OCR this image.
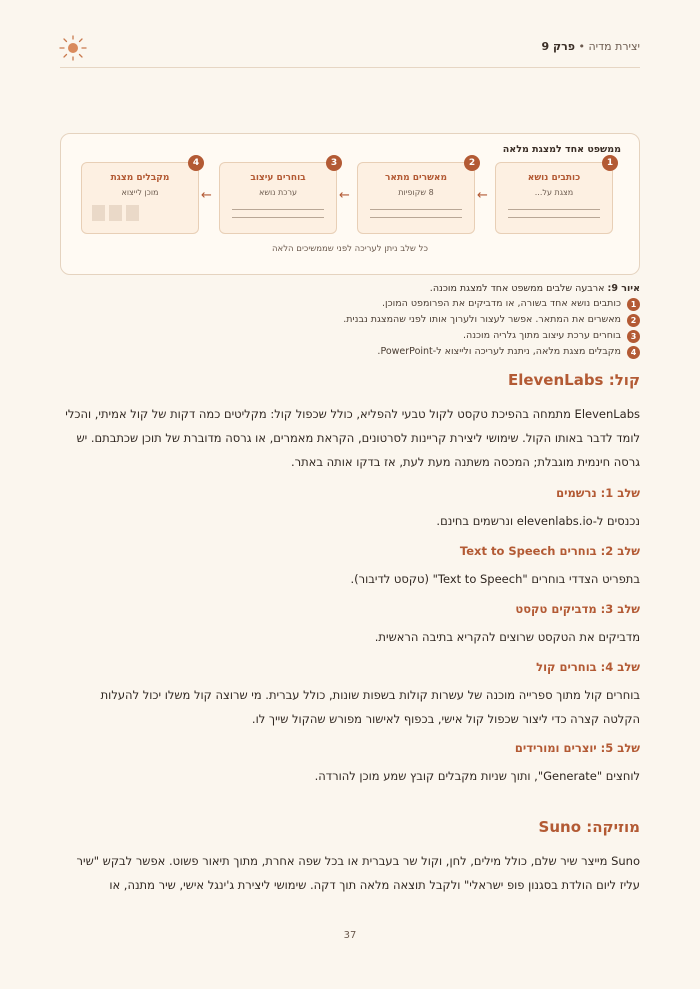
יצירת מדיה • פרק 9
ממשפט אחד למצגת מלאה
1
כותבים נושא
מצגת על...
←
2
מאשרים מתאר
8 שקופיות
←
3
בוחרים עיצוב
ערכת נושא
←
4
מקבלים מצגת
מוכן לייצוא
כל שלב ניתן לעריכה לפני שממשיכים הלאה
איור 9: ארבעה שלבים ממשפט אחד למצגת מוכנה.
1כותבים נושא אחד בשורה, או מדביקים את הפרומפט המוכן.
2מאשרים את המתאר. אפשר לעצור ולערוך אותו לפני שהמצגת נבנית.
3בוחרים ערכת עיצוב מתוך גלריה מוכנה.
4מקבלים מצגת מלאה, ניתנת לעריכה ולייצוא ל-PowerPoint.
קול: ElevenLabs
ElevenLabs מתמחה בהפיכת טקסט לקול טבעי להפליא, כולל שכפול קול: מקליטים כמה דקות של קול אמיתי, והכלי לומד לדבר באותו הקול. שימושי ליצירת קריינות לסרטונים, הקראת מאמרים, או גרסה מדוברת של תוכן שכתבתם. יש גרסה חינמית מוגבלת; המכסה משתנה מעת לעת, אז בדקו אותה באתר.
שלב 1: נרשמים
נכנסים ל-elevenlabs.io ונרשמים בחינם.
שלב 2: בוחרים Text to Speech
בתפריט הצדדי בוחרים "Text to Speech" (טקסט לדיבור).
שלב 3: מדביקים טקסט
מדביקים את הטקסט שרוצים להקריא בתיבה הראשית.
שלב 4: בוחרים קול
בוחרים קול מתוך ספרייה מוכנה של עשרות קולות בשפות שונות, כולל עברית. מי שרוצה קול משלו יכול להעלות הקלטה קצרה כדי ליצור שכפול קול אישי, בכפוף לאישור מפורש שהקול שייך לו.
שלב 5: יוצרים ומורידים
לוחצים "Generate", ותוך שניות מקבלים קובץ שמע מוכן להורדה.
מוזיקה: Suno
Suno מייצר שיר שלם, כולל מילים, לחן, וקול שר בעברית או בכל שפה אחרת, מתוך תיאור פשוט. אפשר לבקש "שיר עליז ליום הולדת בסגנון פופ ישראלי" ולקבל תוצאה מלאה תוך דקה. שימושי ליצירת ג'ינגל אישי, שיר מתנה, או
37
